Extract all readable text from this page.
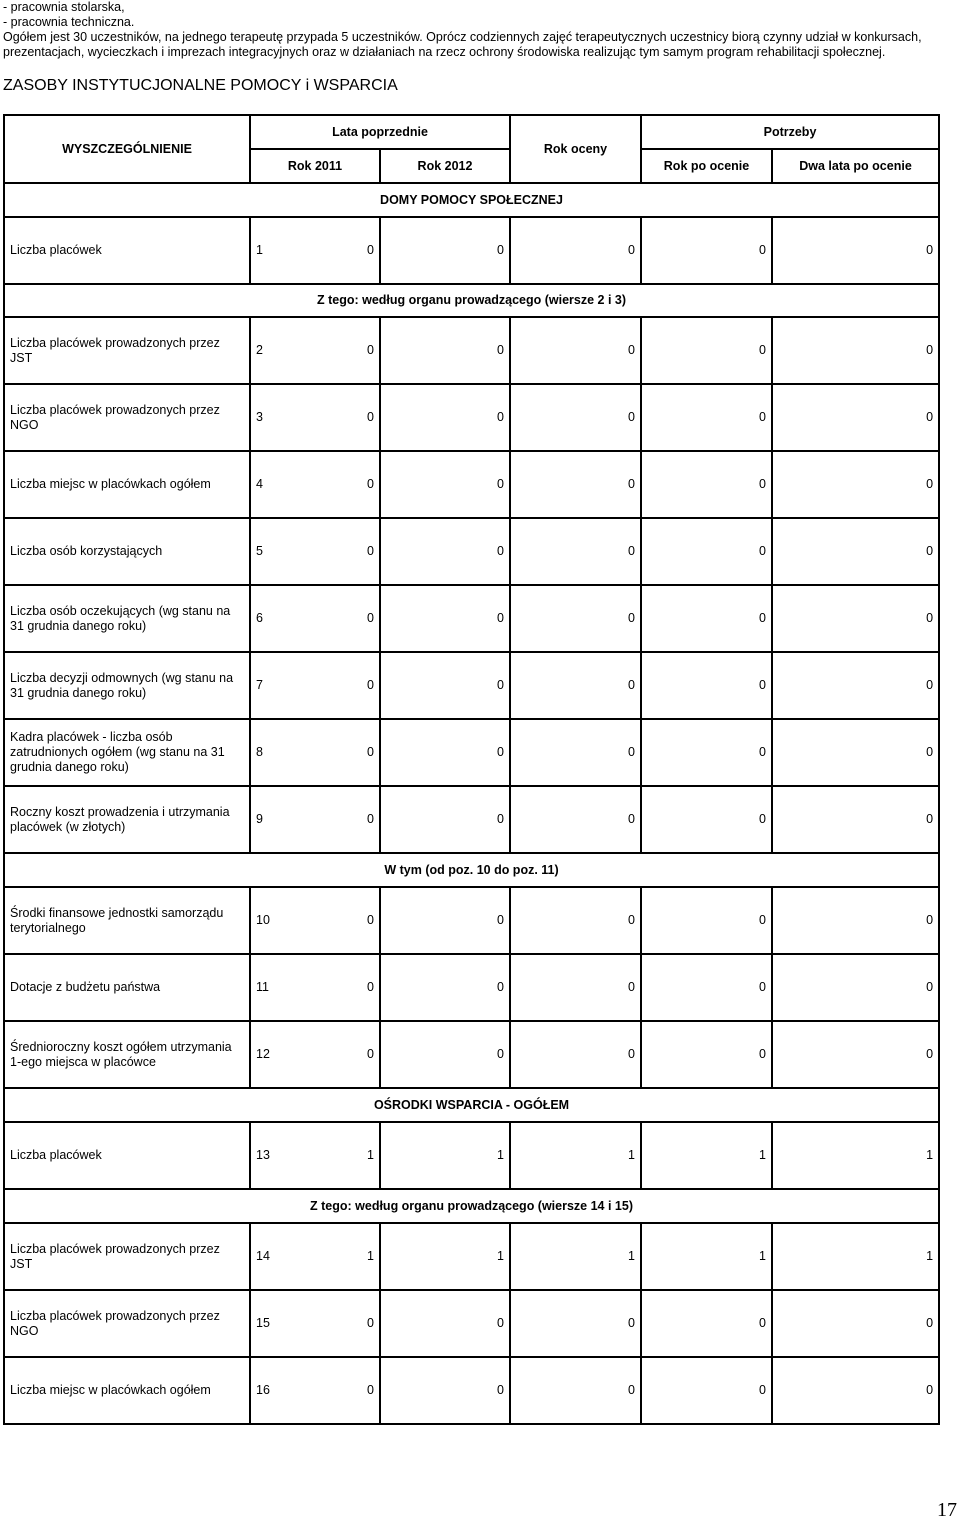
- pracownia stolarska,
- pracownia techniczna.
Ogółem jest 30 uczestników, na jednego terapeutę przypada 5 uczestników. Oprócz codziennych zajęć terapeutycznych uczestnicy biorą czynny udział w konkursach,
prezentacjach, wycieczkach i imprezach integracyjnych oraz w działaniach na rzecz ochrony środowiska realizując tym samym program rehabilitacji społecznej.
ZASOBY INSTYTUCJONALNE POMOCY i WSPARCIA
WYSZCZEGÓLNIENIE	Lata poprzednie		Rok oceny	Potrzeby	
	Rok 2011	Rok 2012		Rok po ocenie	Dwa lata po ocenie
DOMY POMOCY SPOŁECZNEJ					
Liczba placówek	1 0	0	0	0	0
Z tego: według organu prowadzącego (wiersze 2 i 3)					
Liczba placówek prowadzonych przez JST	2 0	0	0	0	0
Liczba placówek prowadzonych przez NGO	3 0	0	0	0	0
Liczba miejsc w placówkach ogółem	4 0	0	0	0	0
Liczba osób korzystających	5 0	0	0	0	0
Liczba osób oczekujących (wg stanu na 31 grudnia danego roku)	6 0	0	0	0	0
Liczba decyzji odmownych (wg stanu na 31 grudnia danego roku)	7 0	0	0	0	0
Kadra placówek - liczba osób zatrudnionych ogółem (wg stanu na 31 grudnia danego roku)	8 0	0	0	0	0
Roczny koszt prowadzenia i utrzymania placówek (w złotych)	9 0	0	0	0	0
W tym (od poz. 10 do poz. 11)					
Środki finansowe jednostki samorządu terytorialnego	10 0	0	0	0	0
Dotacje z budżetu państwa	11 0	0	0	0	0
Średnioroczny koszt ogółem utrzymania 1-ego miejsca w placówce	12 0	0	0	0	0
OŚRODKI WSPARCIA - OGÓŁEM					
Liczba placówek	13 1	1	1	1	1
Z tego: według organu prowadzącego (wiersze 14 i 15)					
Liczba placówek prowadzonych przez JST	14 1	1	1	1	1
Liczba placówek prowadzonych przez NGO	15 0	0	0	0	0
Liczba miejsc w placówkach ogółem	16 0	0	0	0	0
17
